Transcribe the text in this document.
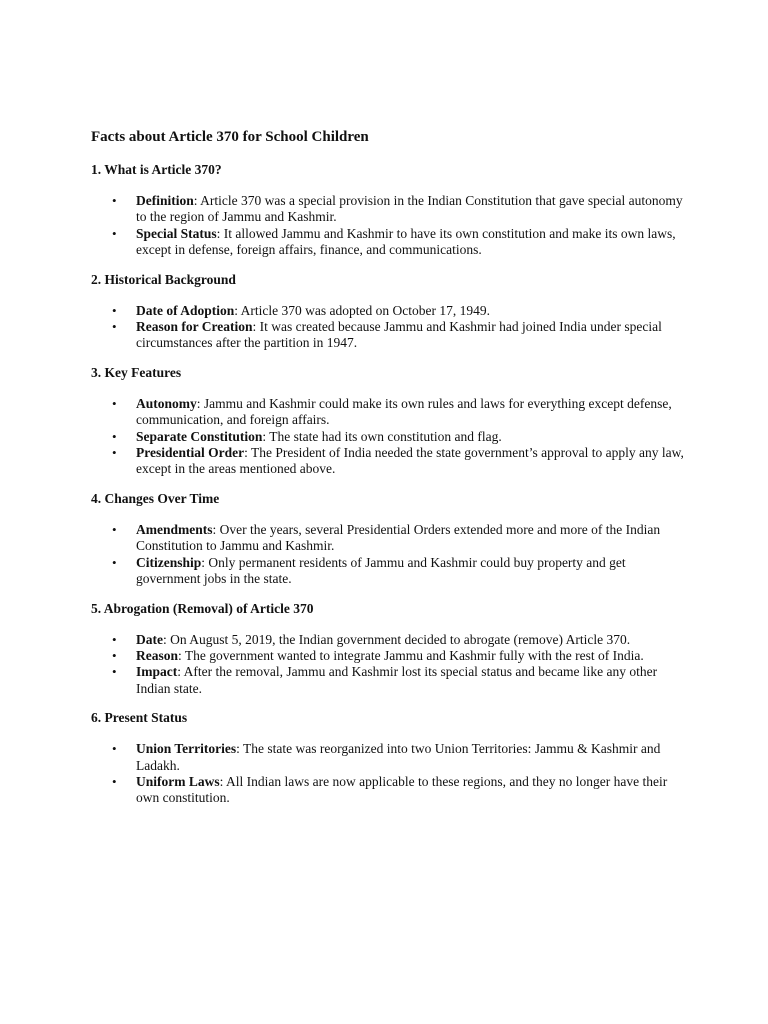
Facts about Article 370 for School Children
1. What is Article 370?
• Definition: Article 370 was a special provision in the Indian Constitution that gave special autonomy to the region of Jammu and Kashmir.
• Special Status: It allowed Jammu and Kashmir to have its own constitution and make its own laws, except in defense, foreign affairs, finance, and communications.
2. Historical Background
• Date of Adoption: Article 370 was adopted on October 17, 1949.
• Reason for Creation: It was created because Jammu and Kashmir had joined India under special circumstances after the partition in 1947.
3. Key Features
• Autonomy: Jammu and Kashmir could make its own rules and laws for everything except defense, communication, and foreign affairs.
• Separate Constitution: The state had its own constitution and flag.
• Presidential Order: The President of India needed the state government’s approval to apply any law, except in the areas mentioned above.
4. Changes Over Time
• Amendments: Over the years, several Presidential Orders extended more and more of the Indian Constitution to Jammu and Kashmir.
• Citizenship: Only permanent residents of Jammu and Kashmir could buy property and get government jobs in the state.
5. Abrogation (Removal) of Article 370
• Date: On August 5, 2019, the Indian government decided to abrogate (remove) Article 370.
• Reason: The government wanted to integrate Jammu and Kashmir fully with the rest of India.
• Impact: After the removal, Jammu and Kashmir lost its special status and became like any other Indian state.
6. Present Status
• Union Territories: The state was reorganized into two Union Territories: Jammu & Kashmir and Ladakh.
• Uniform Laws: All Indian laws are now applicable to these regions, and they no longer have their own constitution.
